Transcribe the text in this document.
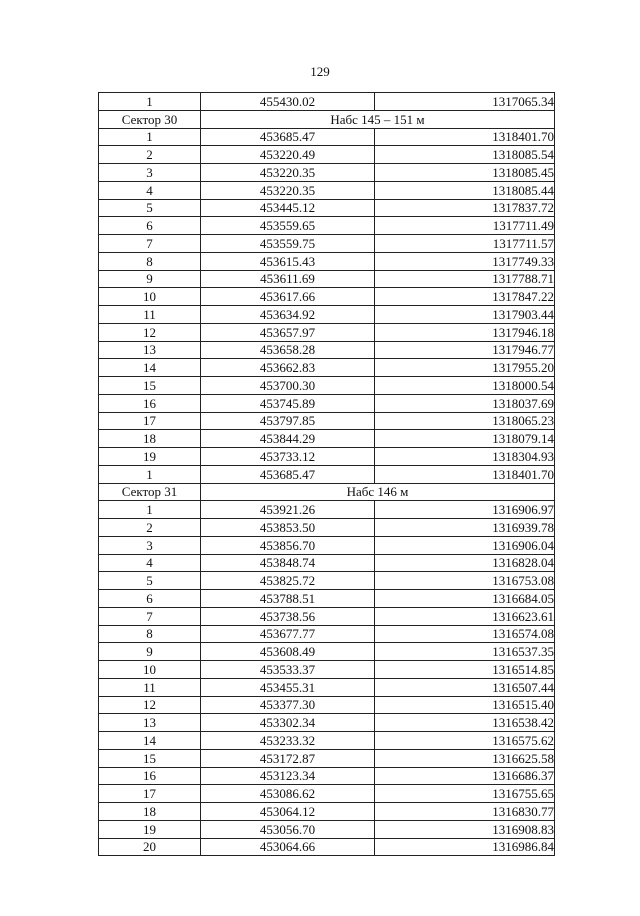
129
1	455430.02	1317065.34
Сектор 30	Набс 145 – 151 м	
1	453685.47	1318401.70
2	453220.49	1318085.54
3	453220.35	1318085.45
4	453220.35	1318085.44
5	453445.12	1317837.72
6	453559.65	1317711.49
7	453559.75	1317711.57
8	453615.43	1317749.33
9	453611.69	1317788.71
10	453617.66	1317847.22
11	453634.92	1317903.44
12	453657.97	1317946.18
13	453658.28	1317946.77
14	453662.83	1317955.20
15	453700.30	1318000.54
16	453745.89	1318037.69
17	453797.85	1318065.23
18	453844.29	1318079.14
19	453733.12	1318304.93
1	453685.47	1318401.70
Сектор 31	Набс 146 м	
1	453921.26	1316906.97
2	453853.50	1316939.78
3	453856.70	1316906.04
4	453848.74	1316828.04
5	453825.72	1316753.08
6	453788.51	1316684.05
7	453738.56	1316623.61
8	453677.77	1316574.08
9	453608.49	1316537.35
10	453533.37	1316514.85
11	453455.31	1316507.44
12	453377.30	1316515.40
13	453302.34	1316538.42
14	453233.32	1316575.62
15	453172.87	1316625.58
16	453123.34	1316686.37
17	453086.62	1316755.65
18	453064.12	1316830.77
19	453056.70	1316908.83
20	453064.66	1316986.84
